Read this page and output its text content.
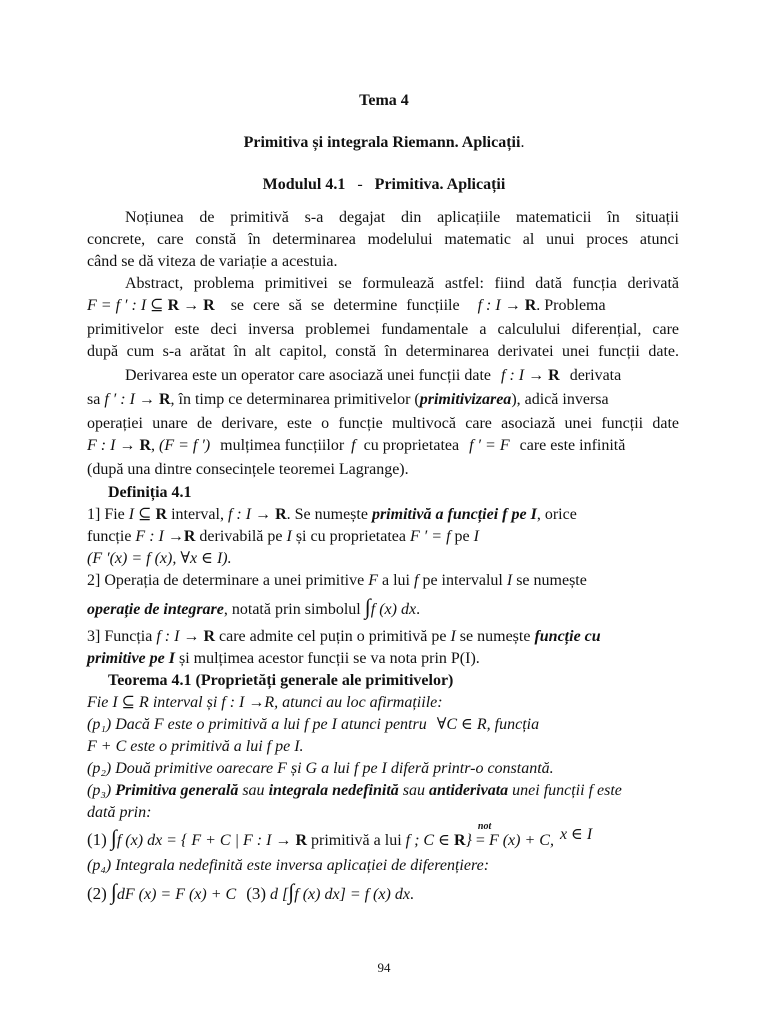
Tema 4
Primitiva și integrala Riemann. Aplicații.
Modulul 4.1 - Primitiva. Aplicații
Noțiunea de primitivă s-a degajat din aplicațiile matematicii în situații
concrete, care constă în determinarea modelului matematic al unui proces atunci
când se dă viteza de variație a acestuia.
Abstract, problema primitivei se formulează astfel: fiind dată funcția derivată
F = f ′ : I ⊆ R → R se cere să se determine funcțiile f : I → R. Problema
primitivelor este deci inversa problemei fundamentale a calculului diferențial, care
după cum s-a arătat în alt capitol, constă în determinarea derivatei unei funcții date.
Derivarea este un operator care asociază unei funcții date f : I → R derivata
sa f ′ : I → R, în timp ce determinarea primitivelor (primitivizarea), adică inversa
operației unare de derivare, este o funcție multivocă care asociază unei funcții date
F : I → R, (F = f ′) mulțimea funcțiilor f cu proprietatea f ′ = F care este infinită
(după una dintre consecințele teoremei Lagrange).
Definiția 4.1
1] Fie I ⊆ R interval, f : I → R. Se numește primitivă a funcției f pe I, orice
funcție F : I →R derivabilă pe I și cu proprietatea F ′ = f pe I
(F ′(x) = f (x), ∀x ∈ I).
2] Operația de determinare a unei primitive F a lui f pe intervalul I se numește
operație de integrare, notată prin simbolul ∫f (x) dx.
3] Funcția f : I → R care admite cel puțin o primitivă pe I se numește funcție cu
primitive pe I și mulțimea acestor funcții se va nota prin P(I).
Teorema 4.1 (Proprietăți generale ale primitivelor)
Fie I ⊆ R interval și f : I →R, atunci au loc afirmațiile:
(p₁) Dacă F este o primitivă a lui f pe I atunci pentru ∀C ∈ R, funcția
F + C este o primitivă a lui f pe I.
(p₂) Două primitive oarecare F și G a lui f pe I diferă printr-o constantă.
(p₃) Primitiva generală sau integrala nedefinită sau antiderivata unei funcții f este
dată prin:
(1) ∫f (x) dx = { F + C | F : I → R primitivă a lui f ; C ∈ R}
not
= F (x) + C, x ∈ I
(p₄) Integrala nedefinită este inversa aplicației de diferențiere:
(2) ∫dF (x) = F (x) + C (3) d [∫f (x) dx] = f (x) dx.
94
